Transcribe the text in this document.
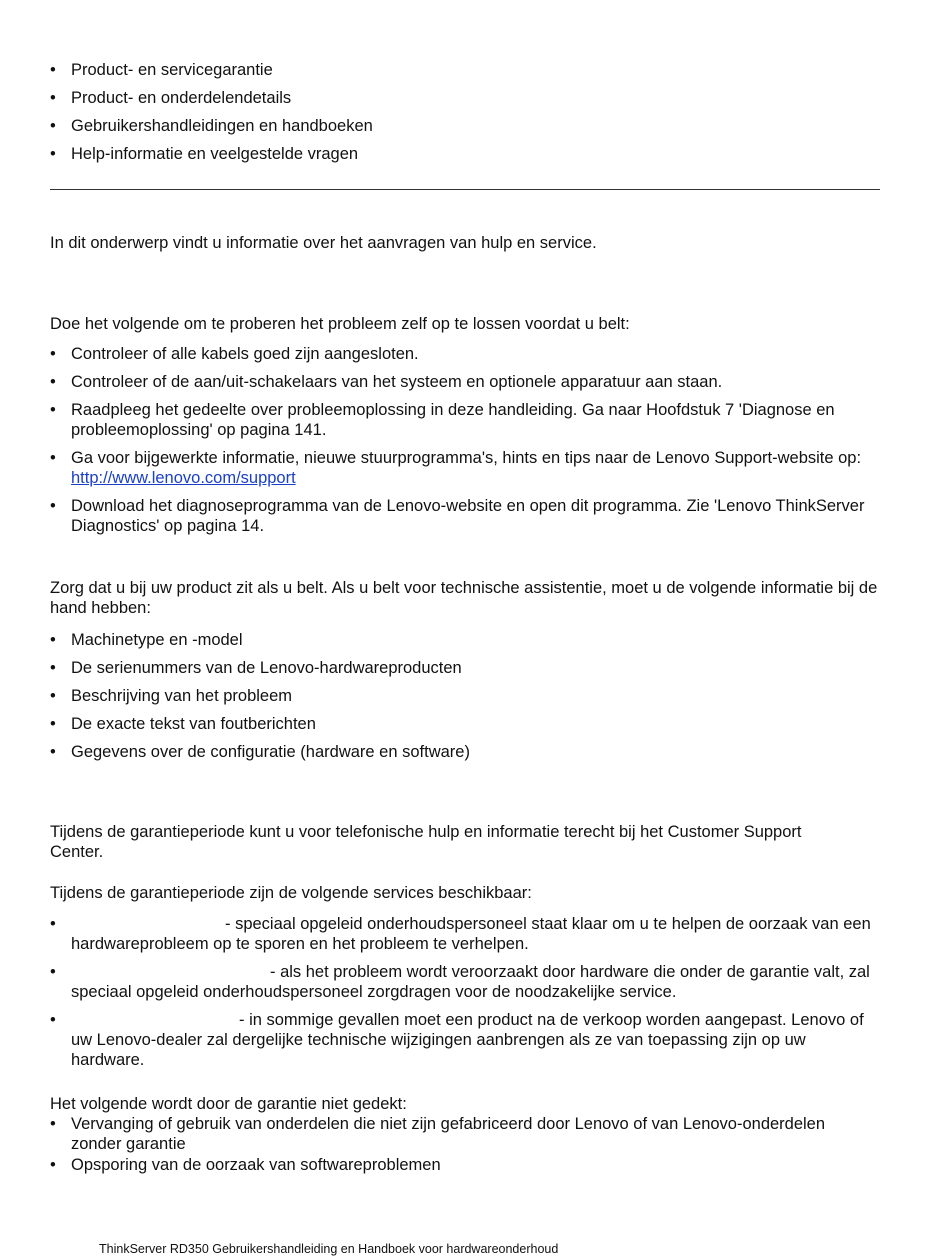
• Product- en servicegarantie
• Product- en onderdelendetails
• Gebruikershandleidingen en handboeken
• Help-informatie en veelgestelde vragen

In dit onderwerp vindt u informatie over het aanvragen van hulp en service.

Doe het volgende om te proberen het probleem zelf op te lossen voordat u belt:

• Controleer of alle kabels goed zijn aangesloten.
• Controleer of de aan/uit-schakelaars van het systeem en optionele apparatuur aan staan.
• Raadpleeg het gedeelte over probleemoplossing in deze handleiding. Ga naar Hoofdstuk 7 'Diagnose en probleemoplossing' op pagina 141.
• Ga voor bijgewerkte informatie, nieuwe stuurprogramma's, hints en tips naar de Lenovo Support-website op:
http://www.lenovo.com/support
• Download het diagnoseprogramma van de Lenovo-website en open dit programma. Zie 'Lenovo ThinkServer Diagnostics' op pagina 14.

Zorg dat u bij uw product zit als u belt. Als u belt voor technische assistentie, moet u de volgende informatie bij de hand hebben:

• Machinetype en -model
• De serienummers van de Lenovo-hardwareproducten
• Beschrijving van het probleem
• De exacte tekst van foutberichten
• Gegevens over de configuratie (hardware en software)

Tijdens de garantieperiode kunt u voor telefonische hulp en informatie terecht bij het Customer Support Center.

Tijdens de garantieperiode zijn de volgende services beschikbaar:

• - speciaal opgeleid onderhoudspersoneel staat klaar om u te helpen de oorzaak van een hardwareprobleem op te sporen en het probleem te verhelpen.
• - als het probleem wordt veroorzaakt door hardware die onder de garantie valt, zal speciaal opgeleid onderhoudspersoneel zorgdragen voor de noodzakelijke service.
• - in sommige gevallen moet een product na de verkoop worden aangepast. Lenovo of uw Lenovo-dealer zal dergelijke technische wijzigingen aanbrengen als ze van toepassing zijn op uw hardware.

Het volgende wordt door de garantie niet gedekt:

• Vervanging of gebruik van onderdelen die niet zijn gefabriceerd door Lenovo of van Lenovo-onderdelen zonder garantie
• Opsporing van de oorzaak van softwareproblemen
ThinkServer RD350 Gebruikershandleiding en Handboek voor hardwareonderhoud
